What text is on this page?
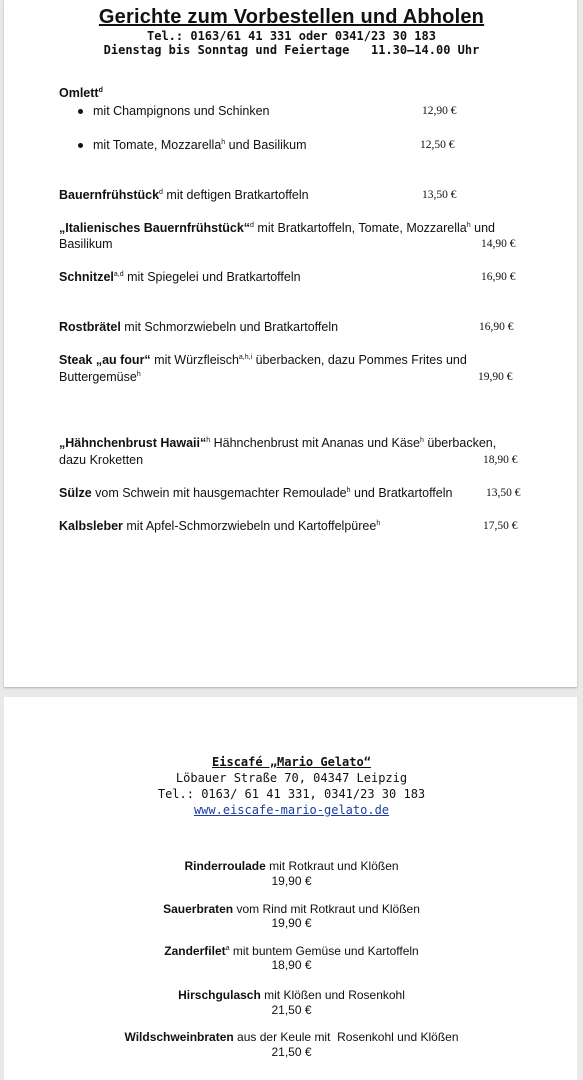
Gerichte zum Vorbestellen und Abholen
Tel.: 0163/61 41 331 oder 0341/23 30 183
Dienstag bis Sonntag und Feiertage   11.30–14.00 Uhr
Omlett$^d$
mit Champignons und Schinken	12,90 €
mit Tomate, Mozzarella$^h$ und Basilikum	12,50 €
Bauernfrühstück$^d$ mit deftigen Bratkartoffeln	13,50 €
„Italienisches Bauernfrühstück“$^d$ mit Bratkartoffeln, Tomate, Mozzarella$^h$ und
Basilikum	14,90 €
Schnitzel$^{a,d}$ mit Spiegelei und Bratkartoffeln	16,90 €
Rostbrätel mit Schmorzwiebeln und Bratkartoffeln	16,90 €
Steak „au four“ mit Würzfleisch$^{a,h,i}$ überbacken, dazu Pommes Frites und
Buttergemüse$^h$	19,90 €
„Hähnchenbrust Hawaii“$^h$ Hähnchenbrust mit Ananas und Käse$^h$ überbacken,
dazu Kroketten	18,90 €
Sülze vom Schwein mit hausgemachter Remoulade$^h$ und Bratkartoffeln	13,50 €
Kalbsleber mit Apfel-Schmorzwiebeln und Kartoffelpüree$^h$	17,50 €
Eiscafé „Mario Gelato“
Löbauer Straße 70, 04347 Leipzig
Tel.: 0163/ 61 41 331, 0341/23 30 183
www.eiscafe-mario-gelato.de
Rinderroulade mit Rotkraut und Klößen
19,90 €
Sauerbraten vom Rind mit Rotkraut und Klößen
19,90 €
Zanderfilet$^a$ mit buntem Gemüse und Kartoffeln
18,90 €
Hirschgulasch mit Klößen und Rosenkohl
21,50 €
Wildschweinbraten aus der Keule mit  Rosenkohl und Klößen
21,50 €
